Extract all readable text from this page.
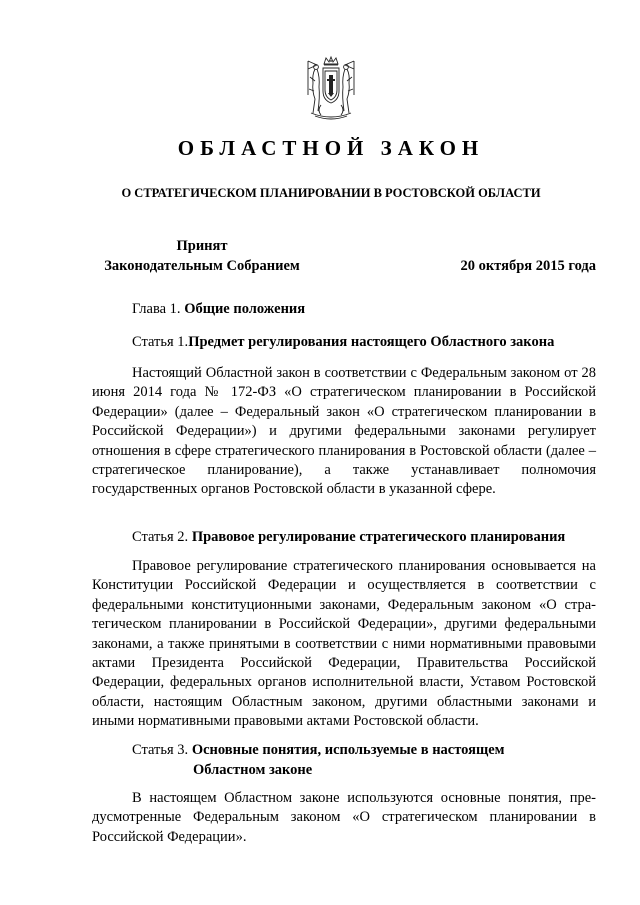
ОБЛАСТНОЙ ЗАКОН
О СТРАТЕГИЧЕСКОМ ПЛАНИРОВАНИИ В РОСТОВСКОЙ ОБЛАСТИ
Принят
Законодательным Собранием	20 октября 2015 года
Глава 1. Общие положения
Статья 1.Предмет регулирования настоящего Областного закона

Настоящий Областной закон в соответствии с Федеральным законом от 28 июня 2014 года № 172-ФЗ «О стратегическом планировании в Российской Федерации» (далее – Федеральный закон «О стратегическом планировании в Российской Федерации») и другими федеральными законами регулирует отношения в сфере стратегического планирования в Ростовской области (далее – стратегическое планирование), а также устанавливает полномочия государственных органов Ростовской области в указанной сфере.

Статья 2. Правовое регулирование стратегического планирования

Правовое регулирование стратегического планирования основывается на Конституции Российской Федерации и осуществляется в соответствии с федеральными конституционными законами, Федеральным законом «О стратегическом планировании в Российской Федерации», другими федеральными законами, а также принятыми в соответствии с ними нормативными правовыми актами Президента Российской Федерации, Правительства Российской Федерации, федеральных органов исполнительной власти, Уставом Ростовской области, настоящим Областным законом, другими областными законами и иными нормативными правовыми актами Ростовской области.

Статья 3. Основные понятия, используемые в настоящем
Областном законе

В настоящем Областном законе используются основные понятия, предусмотренные Федеральным законом «О стратегическом планировании в Российской Федерации».
